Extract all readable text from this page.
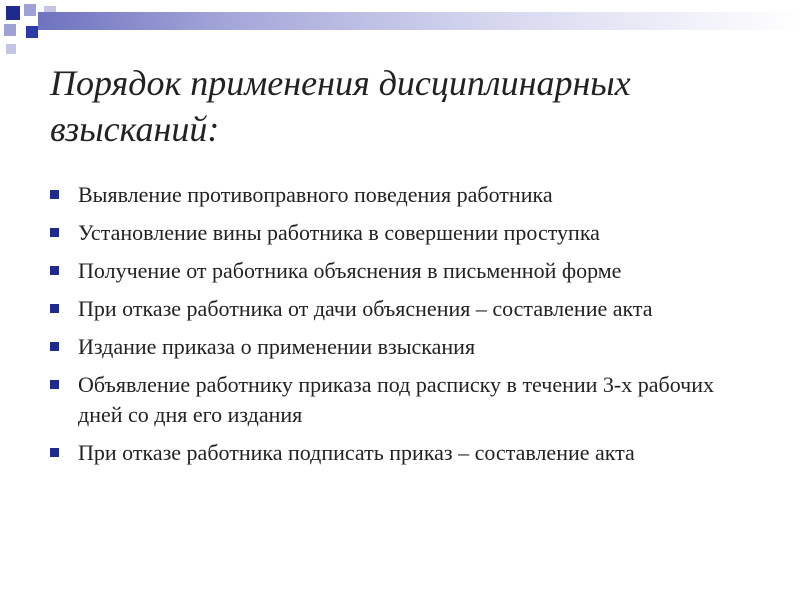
Порядок применения дисциплинарных взысканий:
Выявление противоправного поведения работника
Установление вины работника в совершении проступка
Получение от работника объяснения в письменной форме
При отказе работника от дачи объяснения – составление акта
Издание приказа о применении взыскания
Объявление работнику приказа под расписку в течении 3-х рабочих дней со дня его издания
При отказе работника подписать приказ – составление акта
